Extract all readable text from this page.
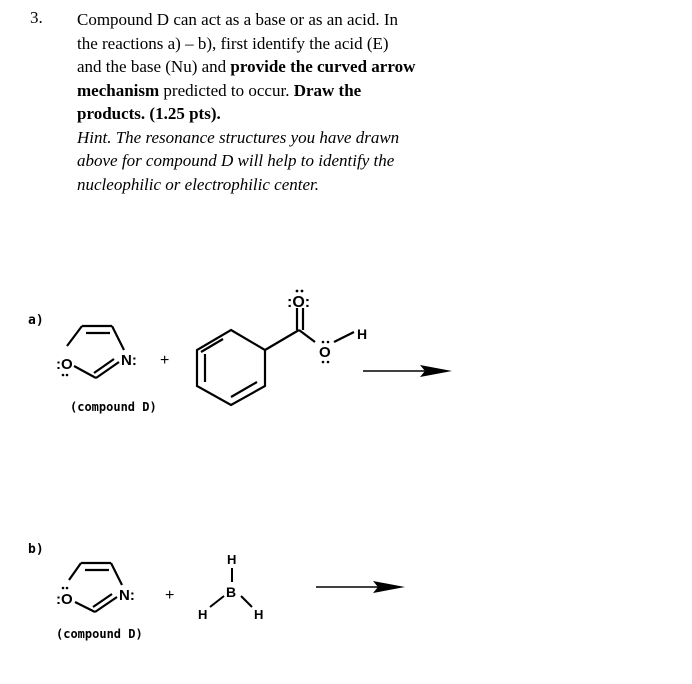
3. Compound D can act as a base or as an acid. In
the reactions a) – b), first identify the acid (E)
and the base (Nu) and provide the curved arrow
mechanism predicted to occur. Draw the
products. (1.25 pts).
Hint. The resonance structures you have drawn
above for compound D will help to identify the
nucleophilic or electrophilic center.
a)
:O	N: +
(compound D)
:O:
O
H
b)
:O	N: +
(compound D)
H
B
H	H
